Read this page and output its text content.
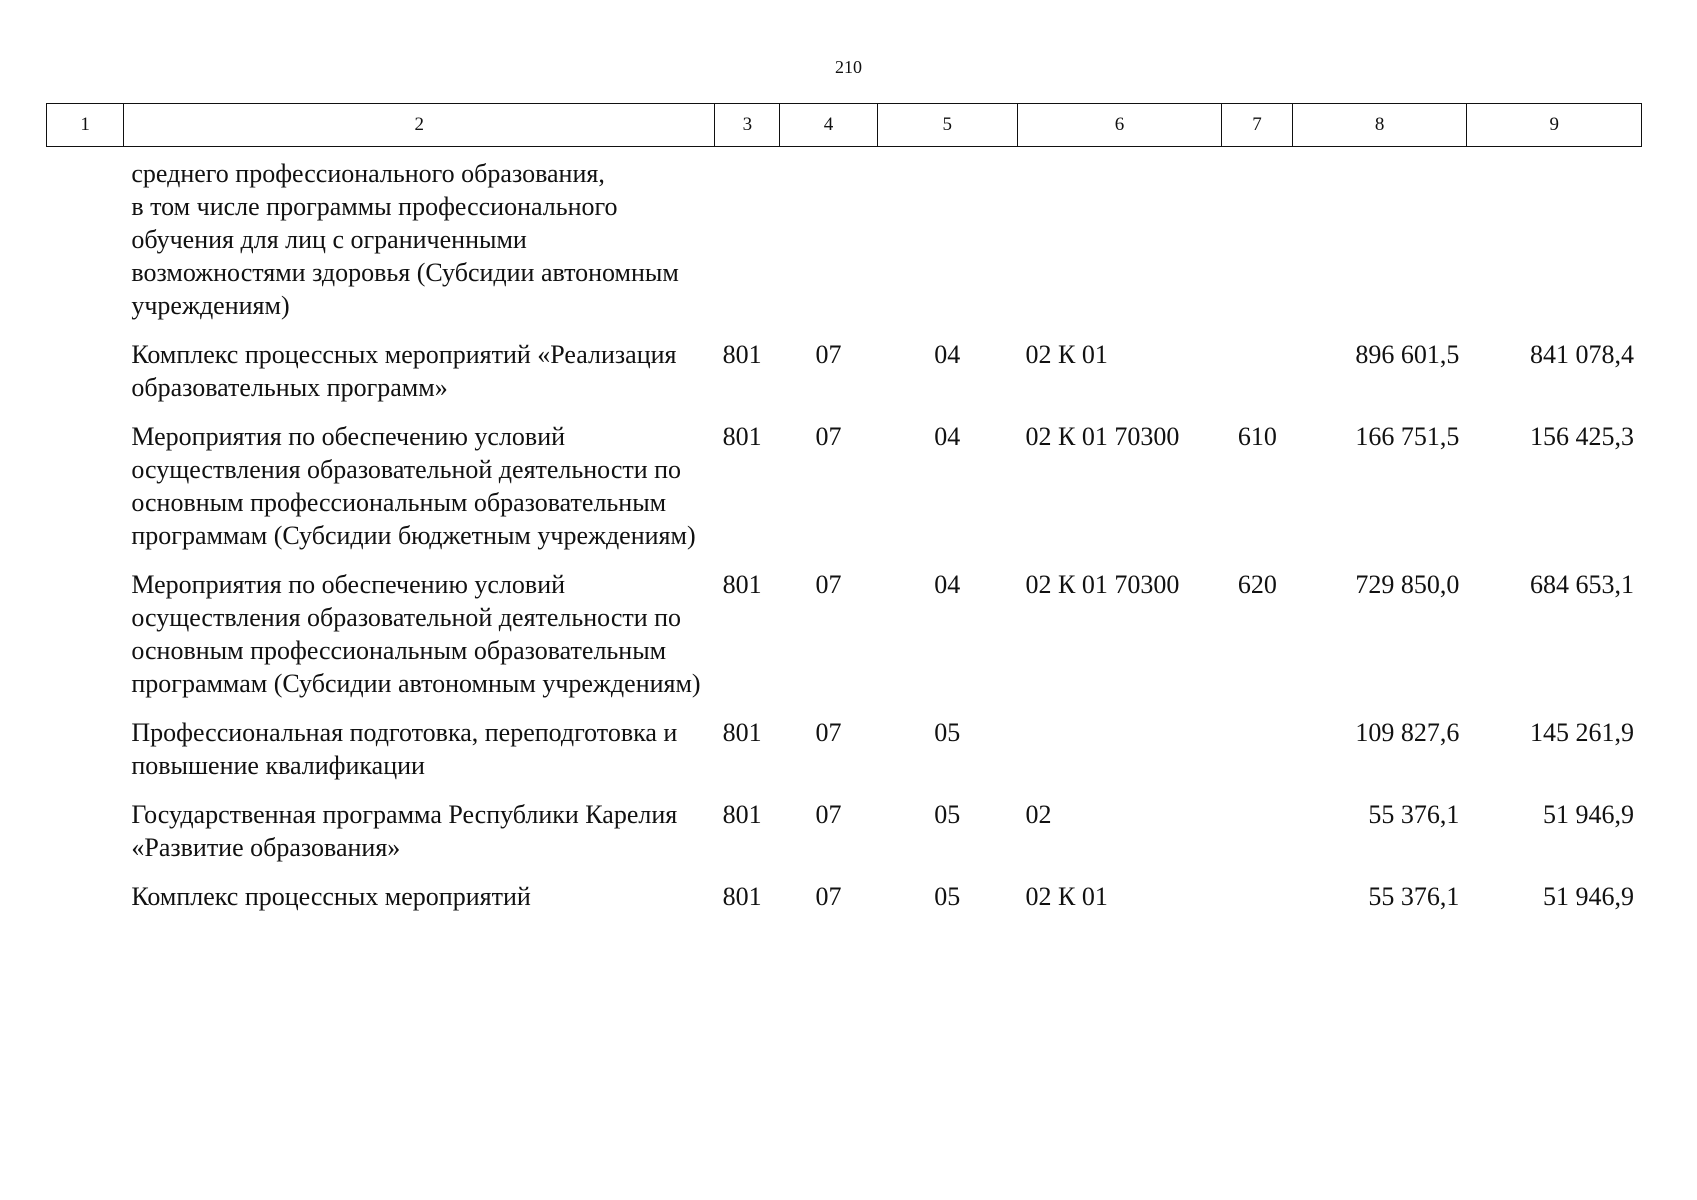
210
1	2	3	4	5	6	7	8	9
	среднего профессионального образования,
в том числе программы профессионального обучения для лиц с ограниченными возможностями здоровья (Субсидии автономным учреждениям)							
	Комплекс процессных мероприятий «Реализация образовательных программ»	801	07	04	02 К 01		896 601,5	841 078,4
	Мероприятия по обеспечению условий осуществления образовательной деятельности по основным профессиональным образовательным программам (Субсидии бюджетным учреждениям)	801	07	04	02 К 01 70300	610	166 751,5	156 425,3
	Мероприятия по обеспечению условий осуществления образовательной деятельности по основным профессиональным образовательным программам (Субсидии автономным учреждениям)	801	07	04	02 К 01 70300	620	729 850,0	684 653,1
	Профессиональная подготовка, переподготовка и повышение квалификации	801	07	05			109 827,6	145 261,9
	Государственная программа Республики Карелия «Развитие образования»	801	07	05	02		55 376,1	51 946,9
	Комплекс процессных мероприятий	801	07	05	02 К 01		55 376,1	51 946,9
